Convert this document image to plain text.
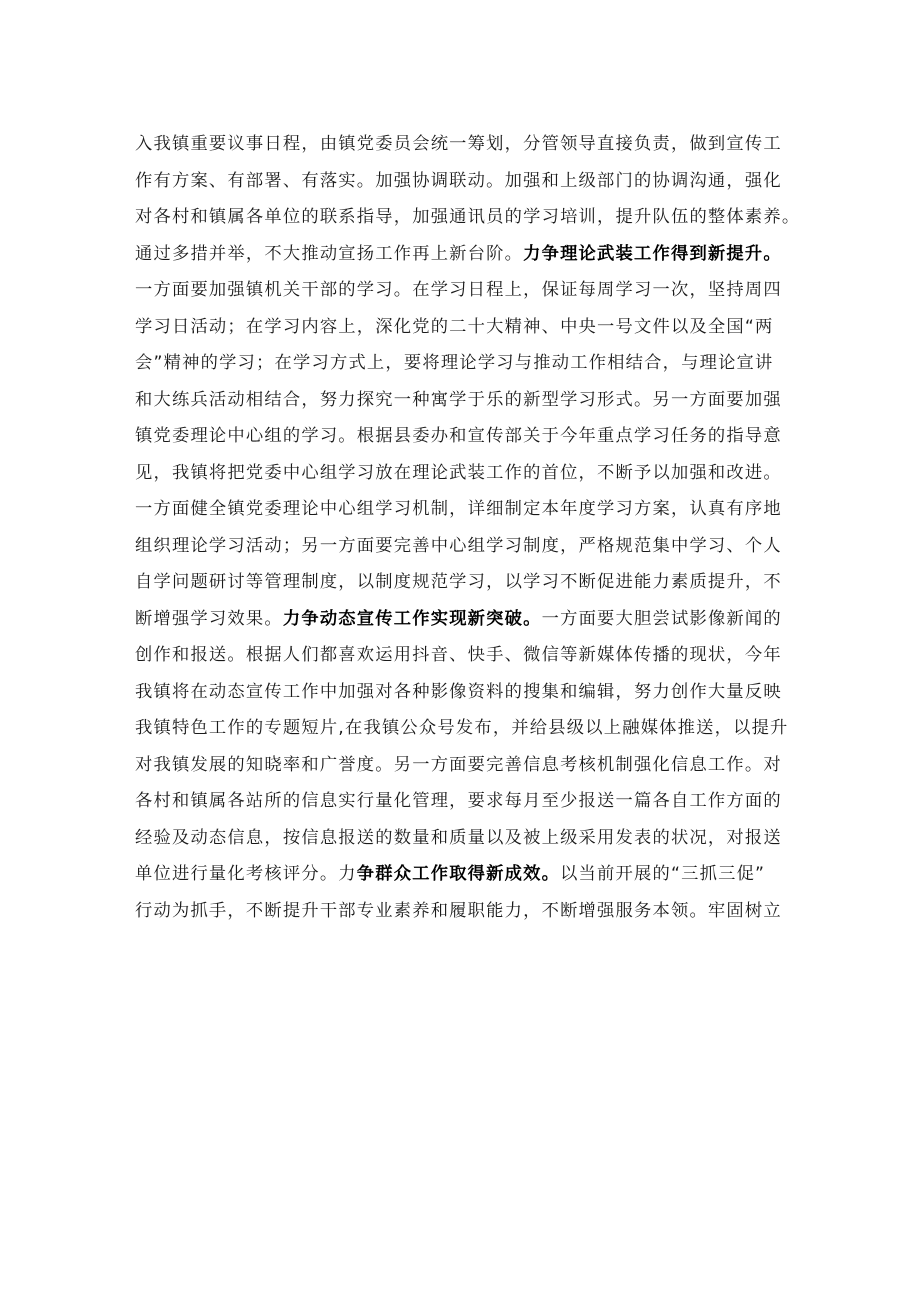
入我镇重要议事日程，由镇党委员会统一筹划，分管领导直接负责，做到宣传工
作有方案、有部署、有落实。加强协调联动。加强和上级部门的协调沟通，强化
对各村和镇属各单位的联系指导，加强通讯员的学习培训，提升队伍的整体素养。
通过多措并举，不大推动宣扬工作再上新台阶。力争理论武装工作得到新提升。
一方面要加强镇机关干部的学习。在学习日程上，保证每周学习一次，坚持周四
学习日活动；在学习内容上，深化党的二十大精神、中央一号文件以及全国“两
会”精神的学习；在学习方式上，要将理论学习与推动工作相结合，与理论宣讲
和大练兵活动相结合，努力探究一种寓学于乐的新型学习形式。另一方面要加强
镇党委理论中心组的学习。根据县委办和宣传部关于今年重点学习任务的指导意
见，我镇将把党委中心组学习放在理论武装工作的首位，不断予以加强和改进。
一方面健全镇党委理论中心组学习机制，详细制定本年度学习方案，认真有序地
组织理论学习活动；另一方面要完善中心组学习制度，严格规范集中学习、个人
自学问题研讨等管理制度，以制度规范学习，以学习不断促进能力素质提升，不
断增强学习效果。力争动态宣传工作实现新突破。一方面要大胆尝试影像新闻的
创作和报送。根据人们都喜欢运用抖音、快手、微信等新媒体传播的现状，今年
我镇将在动态宣传工作中加强对各种影像资料的搜集和编辑，努力创作大量反映
我镇特色工作的专题短片,在我镇公众号发布，并给县级以上融媒体推送，以提升
对我镇发展的知晓率和广誉度。另一方面要完善信息考核机制强化信息工作。对
各村和镇属各站所的信息实行量化管理，要求每月至少报送一篇各自工作方面的
经验及动态信息，按信息报送的数量和质量以及被上级采用发表的状况，对报送
单位进行量化考核评分。力争群众工作取得新成效。以当前开展的“三抓三促”
行动为抓手，不断提升干部专业素养和履职能力，不断增强服务本领。牢固树立
